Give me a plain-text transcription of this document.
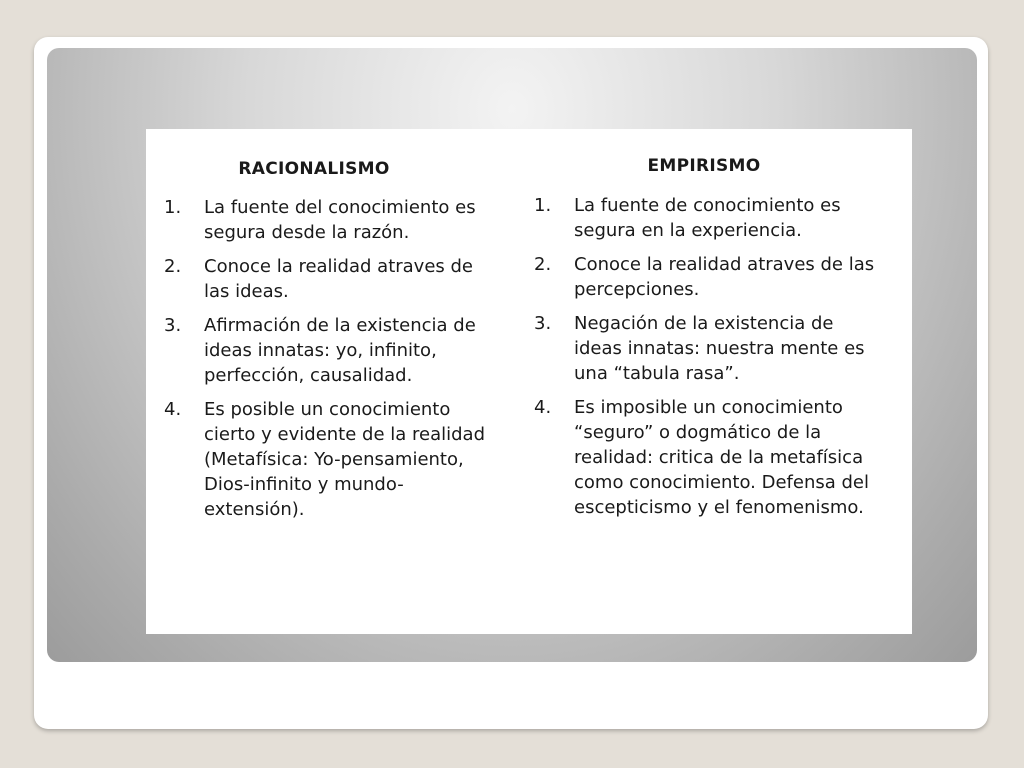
RACIONALISMO
1.	La fuente del conocimiento es segura desde la razón.
2.	Conoce la realidad atraves de las ideas.
3.	Afirmación de la existencia de ideas innatas: yo, infinito, perfección, causalidad.
4.	Es posible un conocimiento cierto y evidente de la realidad (Metafísica: Yo-pensamiento, Dios-infinito y mundo-extensión).
EMPIRISMO
1.	La fuente de conocimiento es segura en la experiencia.
2.	Conoce la realidad atraves de las percepciones.
3.	Negación de la existencia de ideas innatas: nuestra mente es una “tabula rasa”.
4.	Es imposible un conocimiento “seguro” o dogmático de la realidad: critica de la metafísica como conocimiento. Defensa del escepticismo y el fenomenismo.
